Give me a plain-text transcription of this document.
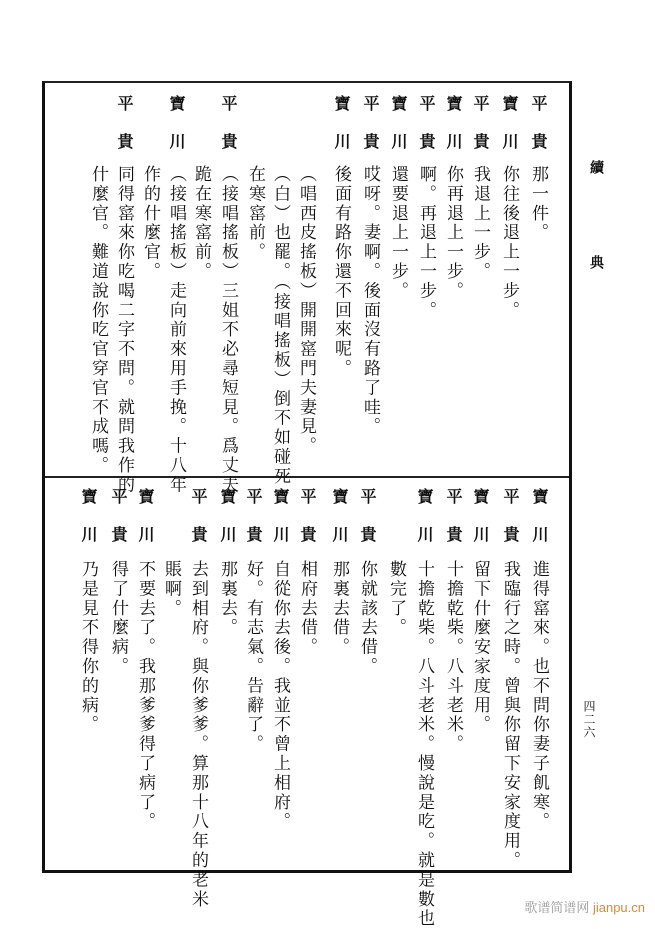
續
典
四二六
平貴
那一件。
寶川
你往後退上一步。
平貴
我退上一步。
寶川
你再退上一步。
平貴
啊。再退上一步。
寶川
還要退上一步。
平貴
哎呀。妻啊。後面沒有路了哇。
寶川
後面有路你還不回來呢。
（唱西皮搖板）開開窰門夫妻見。
（白）也罷。（接唱搖板）倒不如碰死
在寒窰前。
平貴
（接唱搖板）三姐不必尋短見。爲丈夫
跪在寒窰前。
寶川
（接唱搖板）走向前來用手挽。十八年
作的什麼官。
平貴
同得窰來你吃喝二字不問。就問我作的
什麼官。難道說你吃官穿官不成嗎。
寶川
進得窰來。也不問你妻子飢寒。
平貴
我臨行之時。曾與你留下安家度用。
寶川
留下什麼安家度用。
平貴
十擔乾柴。八斗老米。
寶川
十擔乾柴。八斗老米。慢說是吃。就是數也
數完了。
平貴
你就該去借。
寶川
那裏去借。
平貴
相府去借。
寶川
自從你去後。我並不曾上相府。
平貴
好。有志氣。告辭了。
寶川
那裏去。
平貴
去到相府。與你爹爹。算那十八年的老米
賬啊。
寶川
不要去了。我那爹爹得了病了。
平貴
得了什麼病。
寶川
乃是見不得你的病。
歌谱简谱网 jianpu.cn
